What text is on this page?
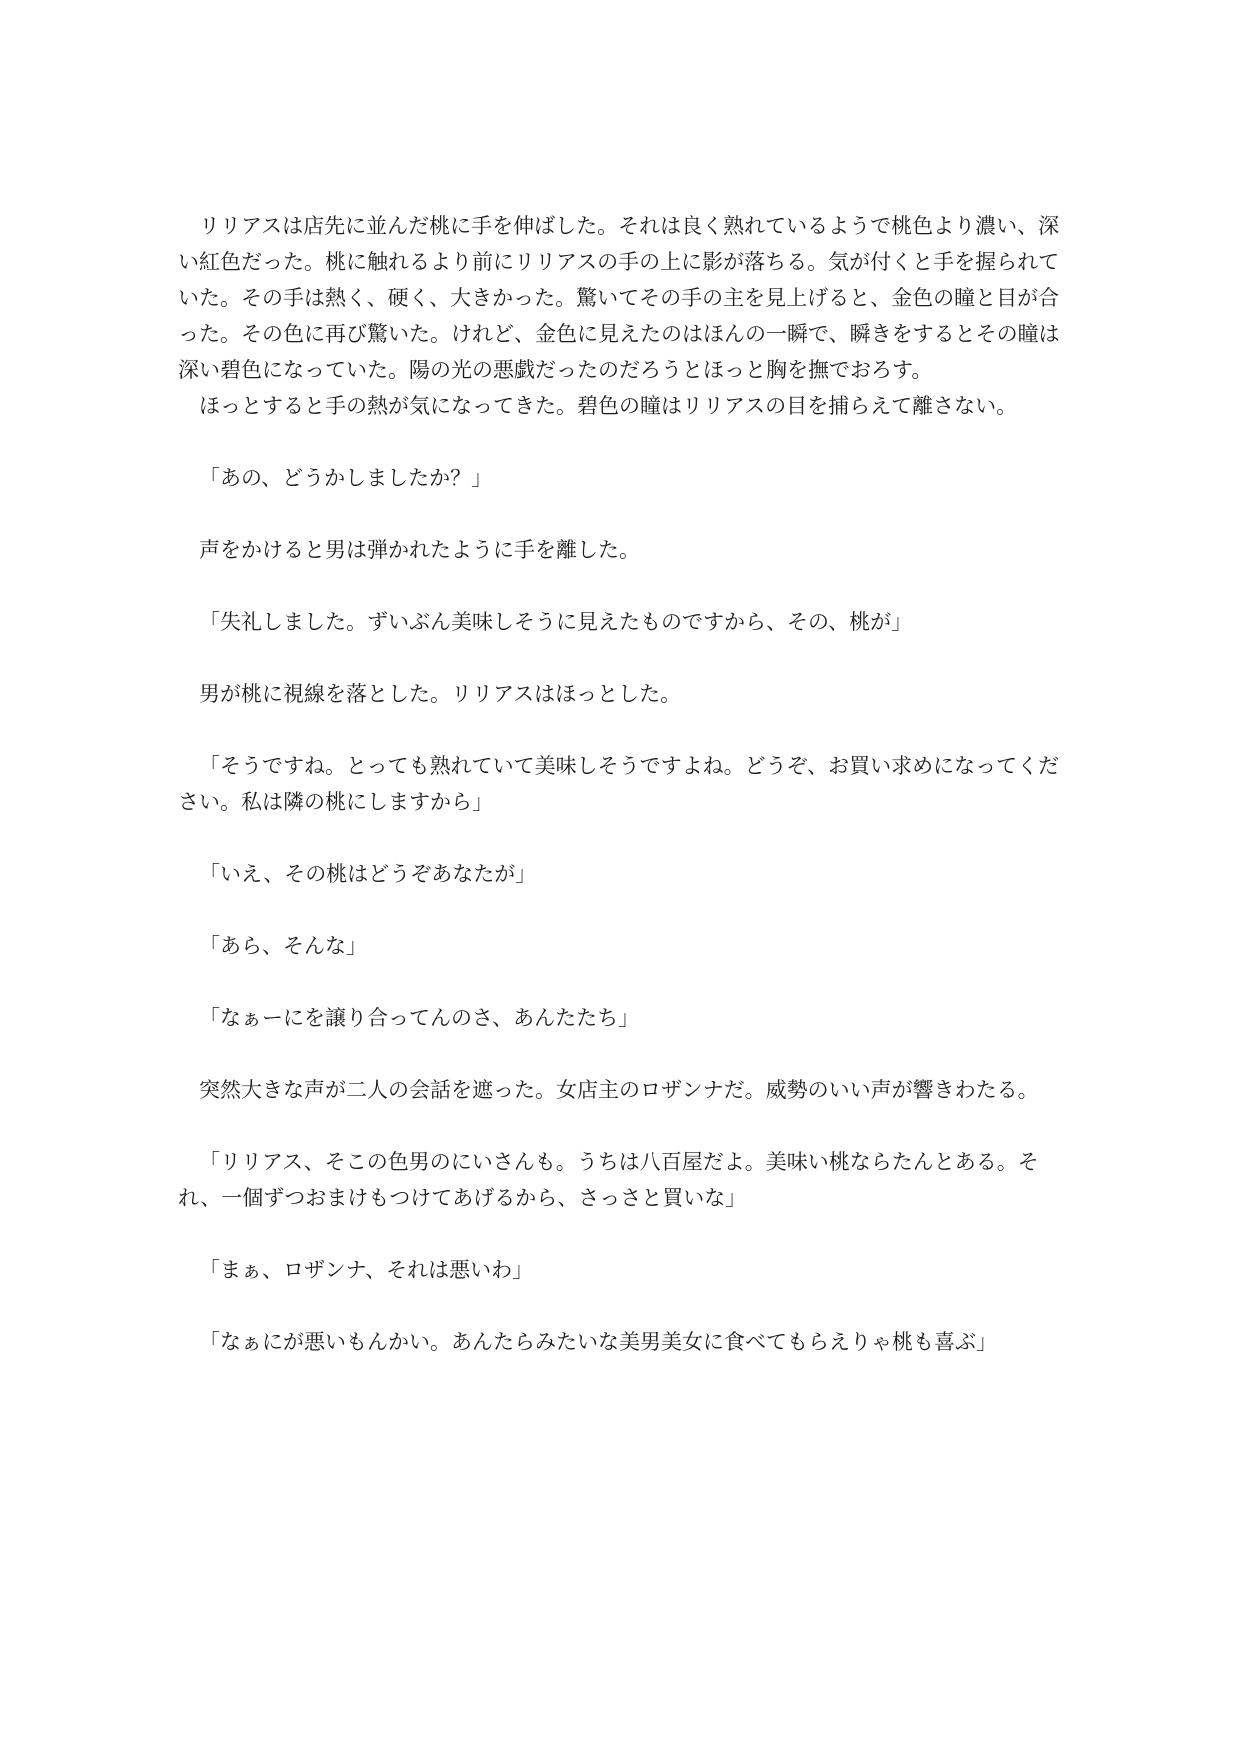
リリアスは店先に並んだ桃に手を伸ばした。それは良く熟れているようで桃色より濃い、深い紅色だった。桃に触れるより前にリリアスの手の上に影が落ちる。気が付くと手を握られていた。その手は熱く、硬く、大きかった。驚いてその手の主を見上げると、金色の瞳と目が合った。その色に再び驚いた。けれど、金色に見えたのはほんの一瞬で、瞬きをするとその瞳は深い碧色になっていた。陽の光の悪戯だったのだろうとほっと胸を撫でおろす。

ほっとすると手の熱が気になってきた。碧色の瞳はリリアスの目を捕らえて離さない。

「あの、どうかしましたか？」

声をかけると男は弾かれたように手を離した。

「失礼しました。ずいぶん美味しそうに見えたものですから、その、桃が」

男が桃に視線を落とした。リリアスはほっとした。

「そうですね。とっても熟れていて美味しそうですよね。どうぞ、お買い求めになってください。私は隣の桃にしますから」

「いえ、その桃はどうぞあなたが」

「あら、そんな」

「なぁーにを譲り合ってんのさ、あんたたち」

突然大きな声が二人の会話を遮った。女店主のロザンナだ。威勢のいい声が響きわたる。

「リリアス、そこの色男のにいさんも。うちは八百屋だよ。美味い桃ならたんとある。それ、一個ずつおまけもつけてあげるから、さっさと買いな」

「まぁ、ロザンナ、それは悪いわ」

「なぁにが悪いもんかい。あんたらみたいな美男美女に食べてもらえりゃ桃も喜ぶ」
